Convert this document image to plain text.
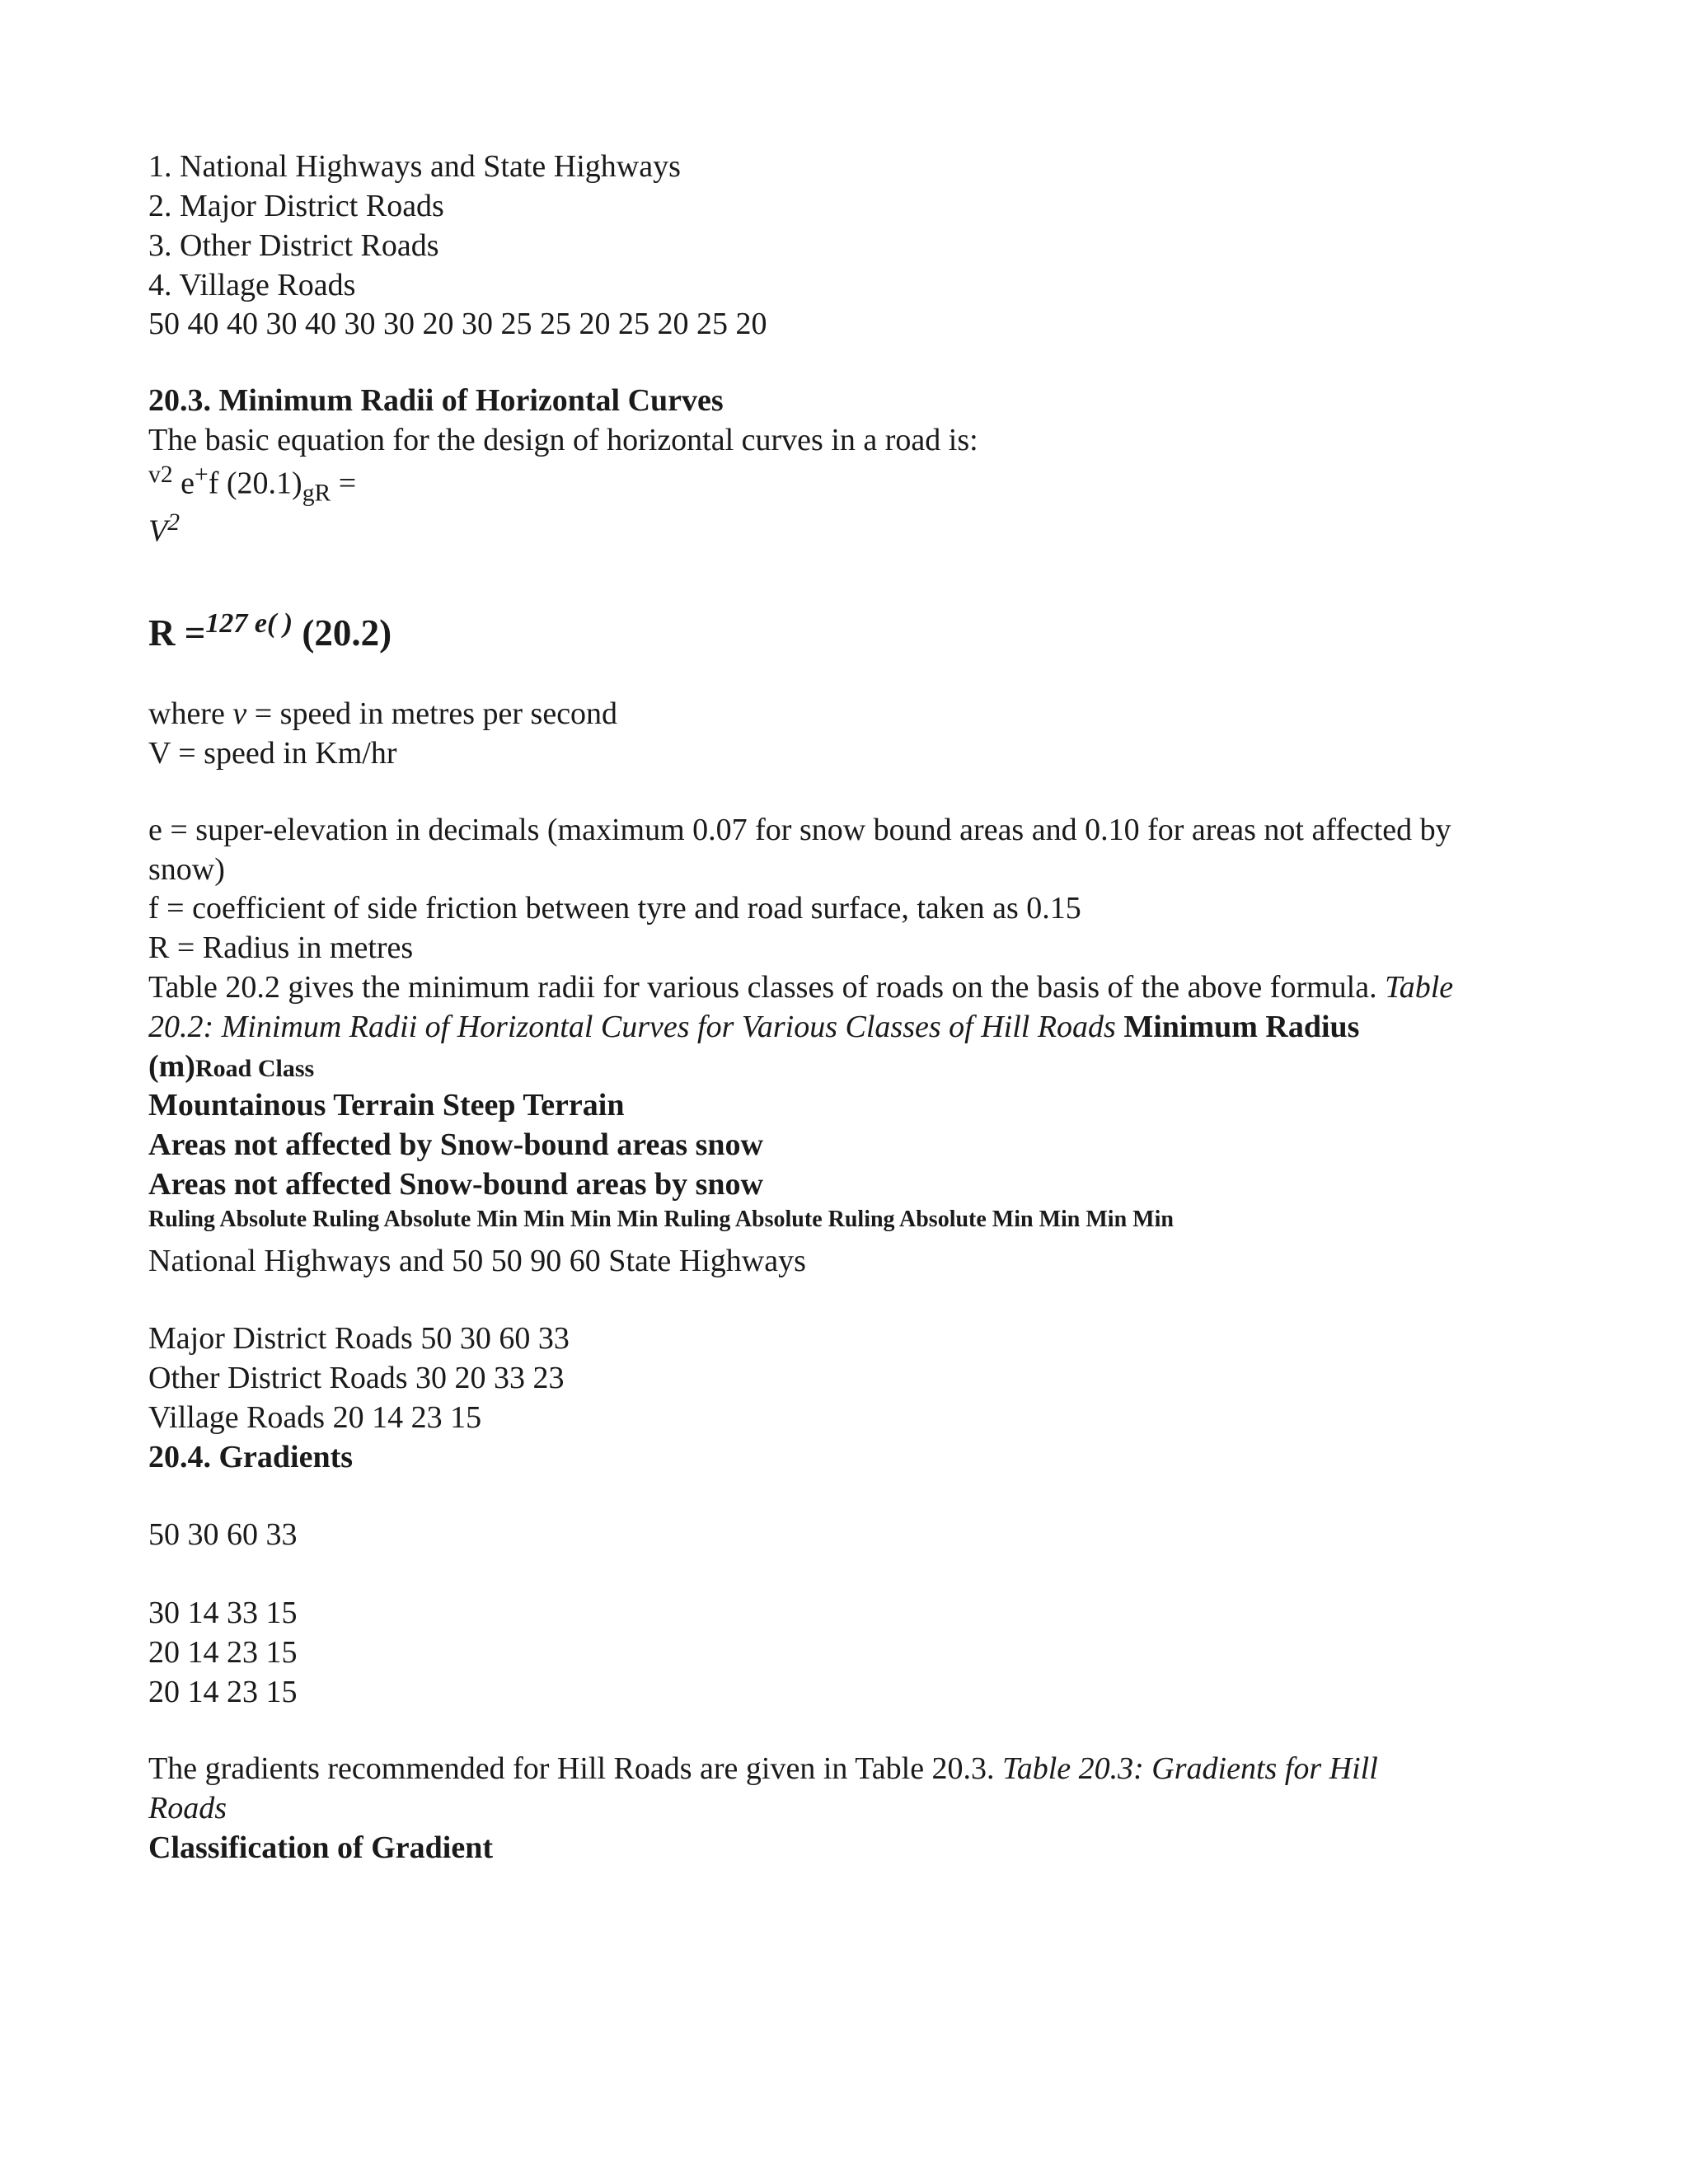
1. National Highways and State Highways
2. Major District Roads
3. Other District Roads
4. Village Roads
50 40 40 30 40 30 30 20 30 25 25 20 25 20 25 20
20.3. Minimum Radii of Horizontal Curves
The basic equation for the design of horizontal curves in a road is:
$^{v2}$ e+f $(20.1)_{gR}$ =
$V^2$
R =$^{127 e( )}$ (20.2)
where v = speed in metres per second
V = speed in Km/hr
e = super-elevation in decimals (maximum 0.07 for snow bound areas and 0.10 for areas not affected by
snow)
f = coefficient of side friction between tyre and road surface, taken as 0.15
R = Radius in metres
Table 20.2 gives the minimum radii for various classes of roads on the basis of the above formula. Table
20.2: Minimum Radii of Horizontal Curves for Various Classes of Hill Roads Minimum Radius
(m)Road Class
Mountainous Terrain Steep Terrain
Areas not affected by Snow-bound areas snow
Areas not affected Snow-bound areas by snow
Ruling Absolute Ruling Absolute Min Min Min Min Ruling Absolute Ruling Absolute Min Min Min Min
National Highways and 50 50 90 60 State Highways
Major District Roads 50 30 60 33
Other District Roads 30 20 33 23
Village Roads 20 14 23 15
20.4. Gradients
50 30 60 33
30 14 33 15
20 14 23 15
20 14 23 15
The gradients recommended for Hill Roads are given in Table 20.3. Table 20.3: Gradients for Hill
Roads
Classification of Gradient
